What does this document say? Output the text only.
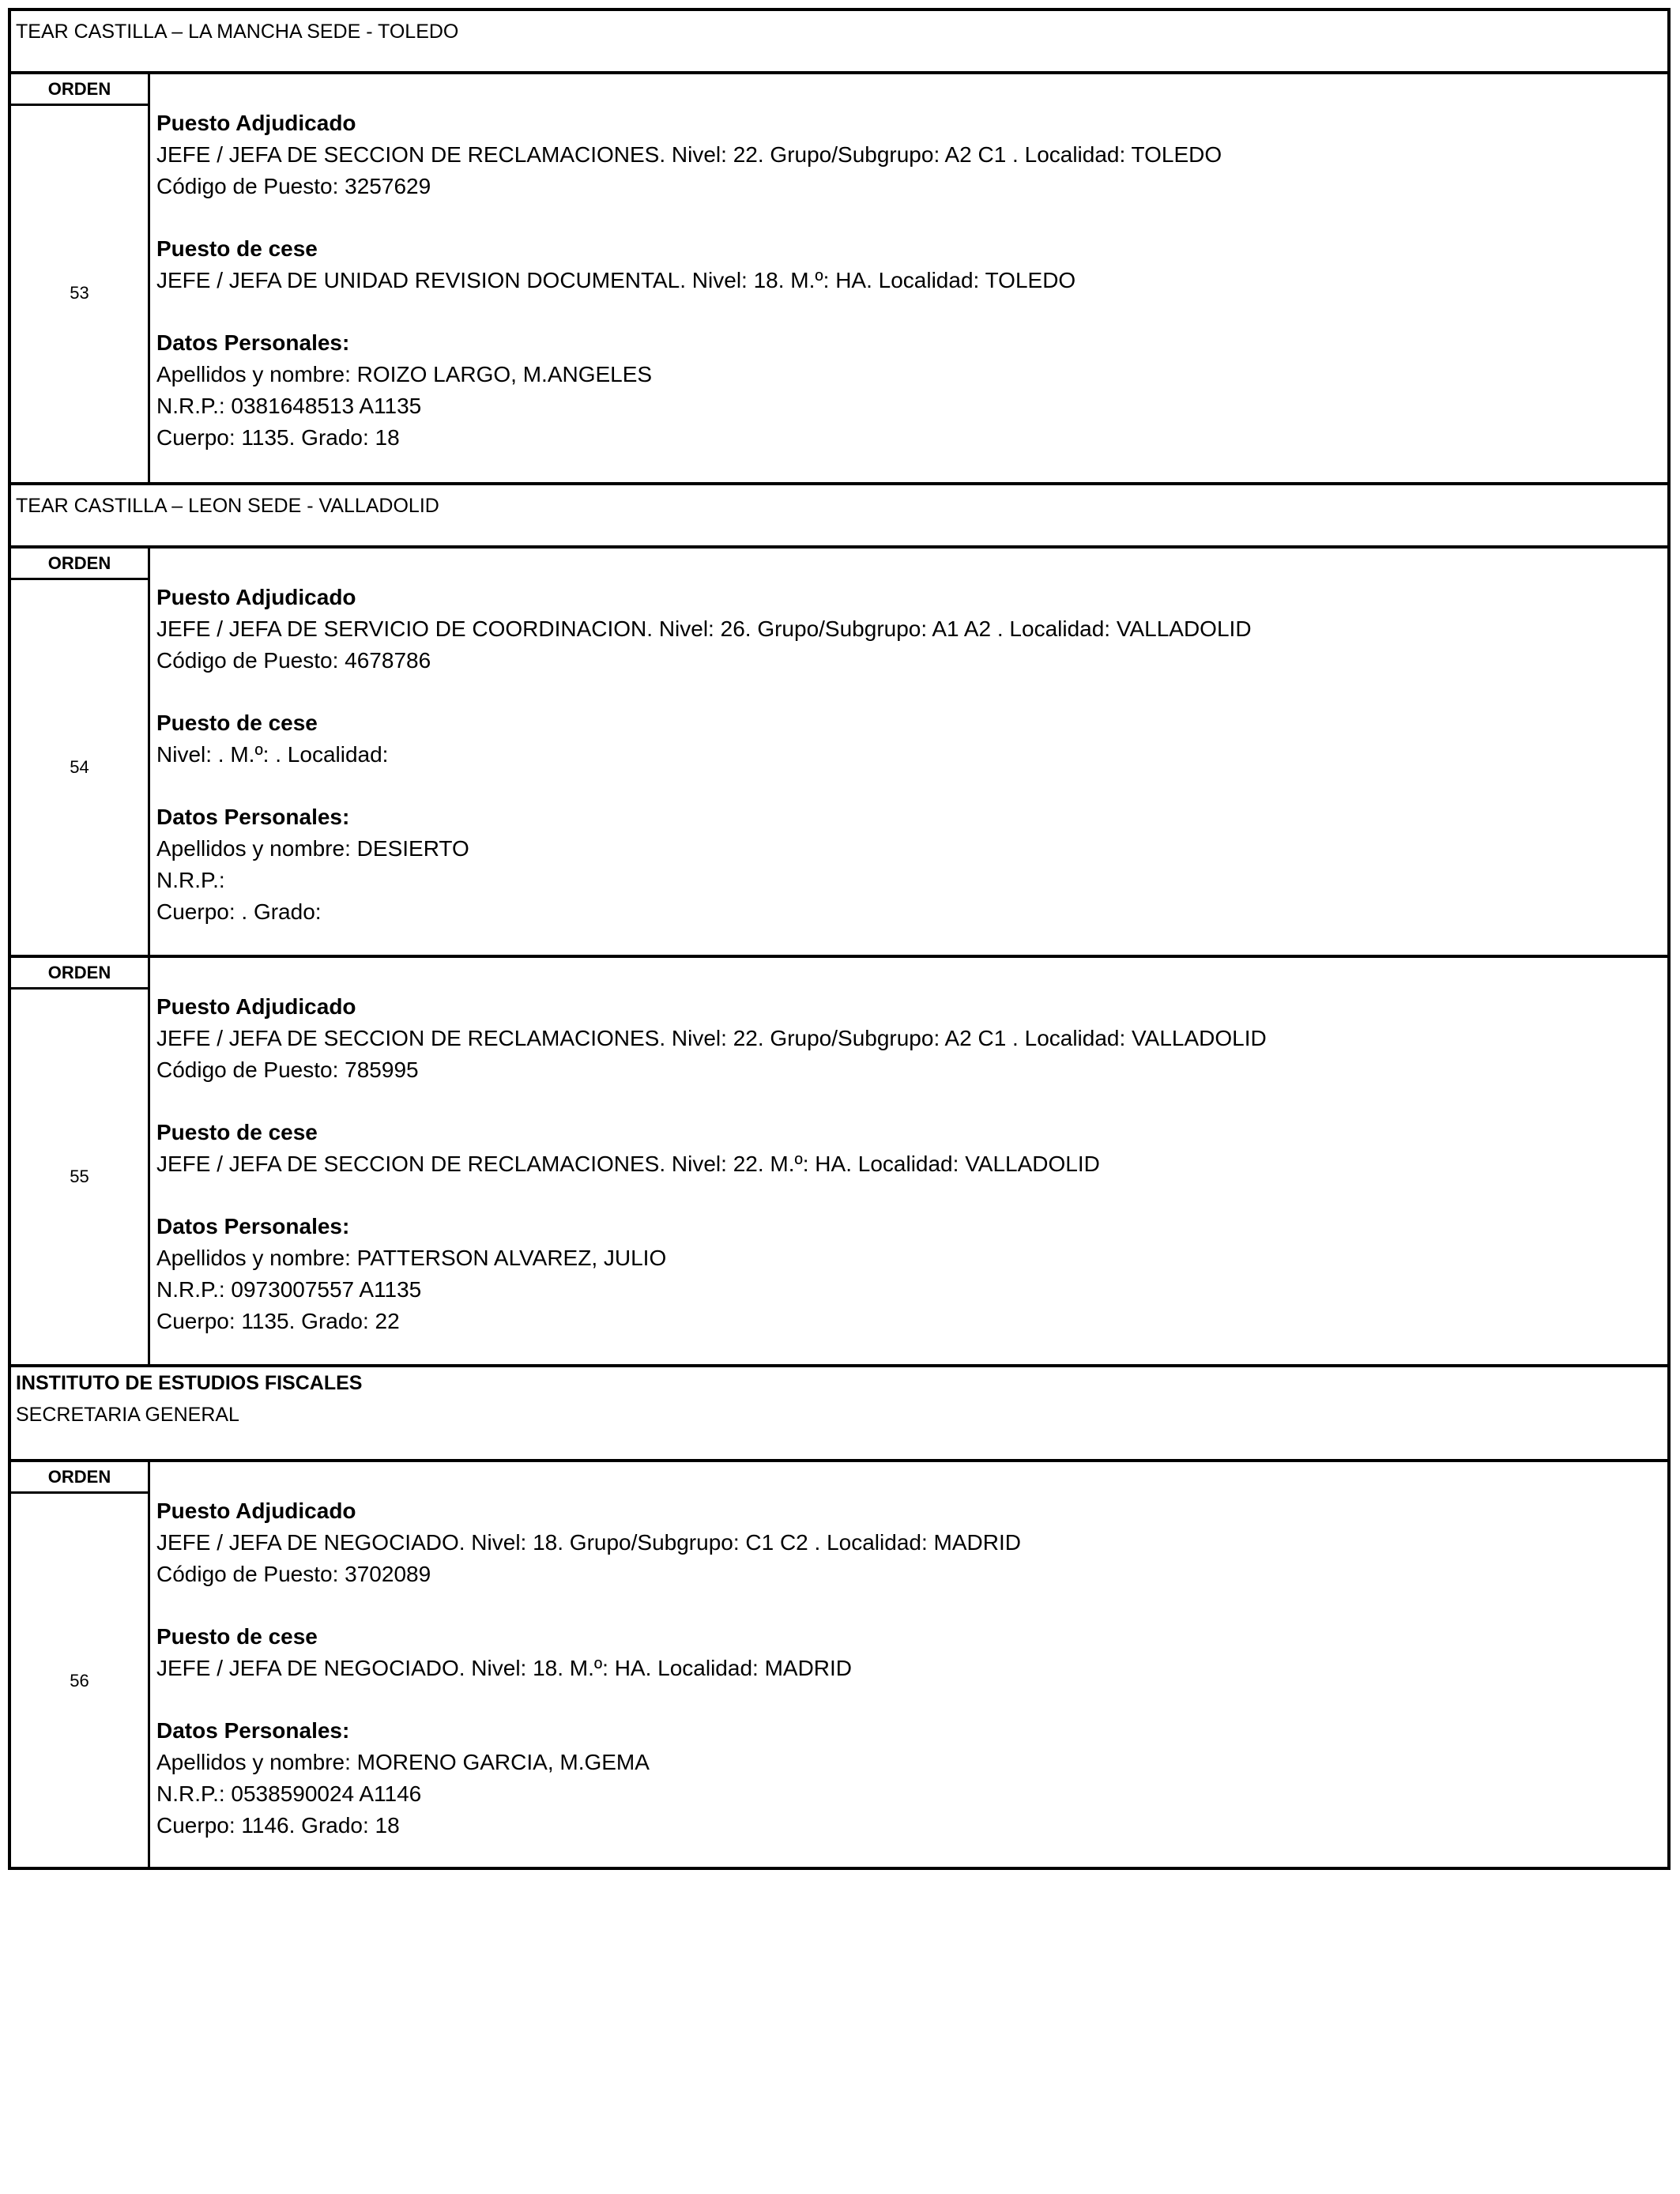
TEAR CASTILLA – LA MANCHA SEDE - TOLEDO
ORDEN
53
Puesto Adjudicado
JEFE / JEFA DE SECCION DE RECLAMACIONES. Nivel: 22. Grupo/Subgrupo: A2 C1 . Localidad: TOLEDO
Código de Puesto: 3257629
Puesto de cese
JEFE / JEFA DE UNIDAD REVISION DOCUMENTAL. Nivel: 18. M.º: HA. Localidad: TOLEDO
Datos Personales:
Apellidos y nombre: ROIZO LARGO, M.ANGELES
N.R.P.: 0381648513 A1135
Cuerpo: 1135. Grado: 18
TEAR CASTILLA – LEON SEDE - VALLADOLID
ORDEN
54
Puesto Adjudicado
JEFE / JEFA DE SERVICIO DE COORDINACION. Nivel: 26. Grupo/Subgrupo: A1 A2 . Localidad: VALLADOLID
Código de Puesto: 4678786
Puesto de cese
Nivel: . M.º: . Localidad:
Datos Personales:
Apellidos y nombre: DESIERTO
N.R.P.:
Cuerpo: . Grado:
ORDEN
55
Puesto Adjudicado
JEFE / JEFA DE SECCION DE RECLAMACIONES. Nivel: 22. Grupo/Subgrupo: A2 C1 . Localidad: VALLADOLID
Código de Puesto: 785995
Puesto de cese
JEFE / JEFA DE SECCION DE RECLAMACIONES. Nivel: 22. M.º: HA. Localidad: VALLADOLID
Datos Personales:
Apellidos y nombre: PATTERSON ALVAREZ, JULIO
N.R.P.: 0973007557 A1135
Cuerpo: 1135. Grado: 22
INSTITUTO DE ESTUDIOS FISCALES
SECRETARIA GENERAL
ORDEN
56
Puesto Adjudicado
JEFE / JEFA DE NEGOCIADO. Nivel: 18. Grupo/Subgrupo: C1 C2 . Localidad: MADRID
Código de Puesto: 3702089
Puesto de cese
JEFE / JEFA DE NEGOCIADO. Nivel: 18. M.º: HA. Localidad: MADRID
Datos Personales:
Apellidos y nombre: MORENO GARCIA, M.GEMA
N.R.P.: 0538590024 A1146
Cuerpo: 1146. Grado: 18
